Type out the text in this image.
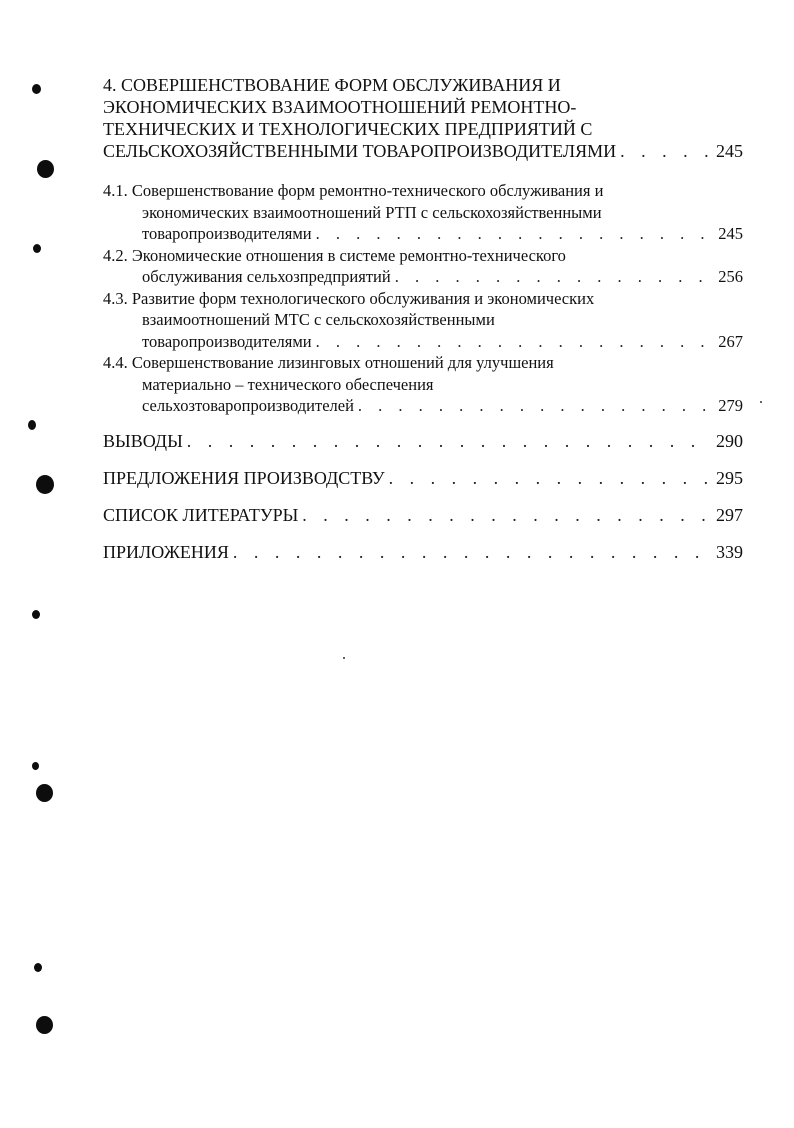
4. СОВЕРШЕНСТВОВАНИЕ ФОРМ ОБСЛУЖИВАНИЯ И
ЭКОНОМИЧЕСКИХ ВЗАИМООТНОШЕНИЙ РЕМОНТНО-
ТЕХНИЧЕСКИХ И ТЕХНОЛОГИЧЕСКИХ ПРЕДПРИЯТИЙ С
СЕЛЬСКОХОЗЯЙСТВЕННЫМИ ТОВАРОПРОИЗВОДИТЕЛЯМИ . . .	245
4.1. Совершенствование форм ремонтно-технического обслуживания и
экономических взаимоотношений РТП с сельскохозяйственными
товаропроизводителями . . .	245
4.2. Экономические отношения в системе ремонтно-технического
обслуживания сельхозпредприятий . . .	256
4.3. Развитие форм технологического обслуживания и экономических
взаимоотношений МТС с сельскохозяйственными
товаропроизводителями . . .	267
4.4. Совершенствование лизинговых отношений для улучшения
материально – технического обеспечения
сельхозтоваропроизводителей . . .	279
ВЫВОДЫ . . .	290
ПРЕДЛОЖЕНИЯ ПРОИЗВОДСТВУ . . .	295
СПИСОК ЛИТЕРАТУРЫ . . .	297
ПРИЛОЖЕНИЯ . . .	339
